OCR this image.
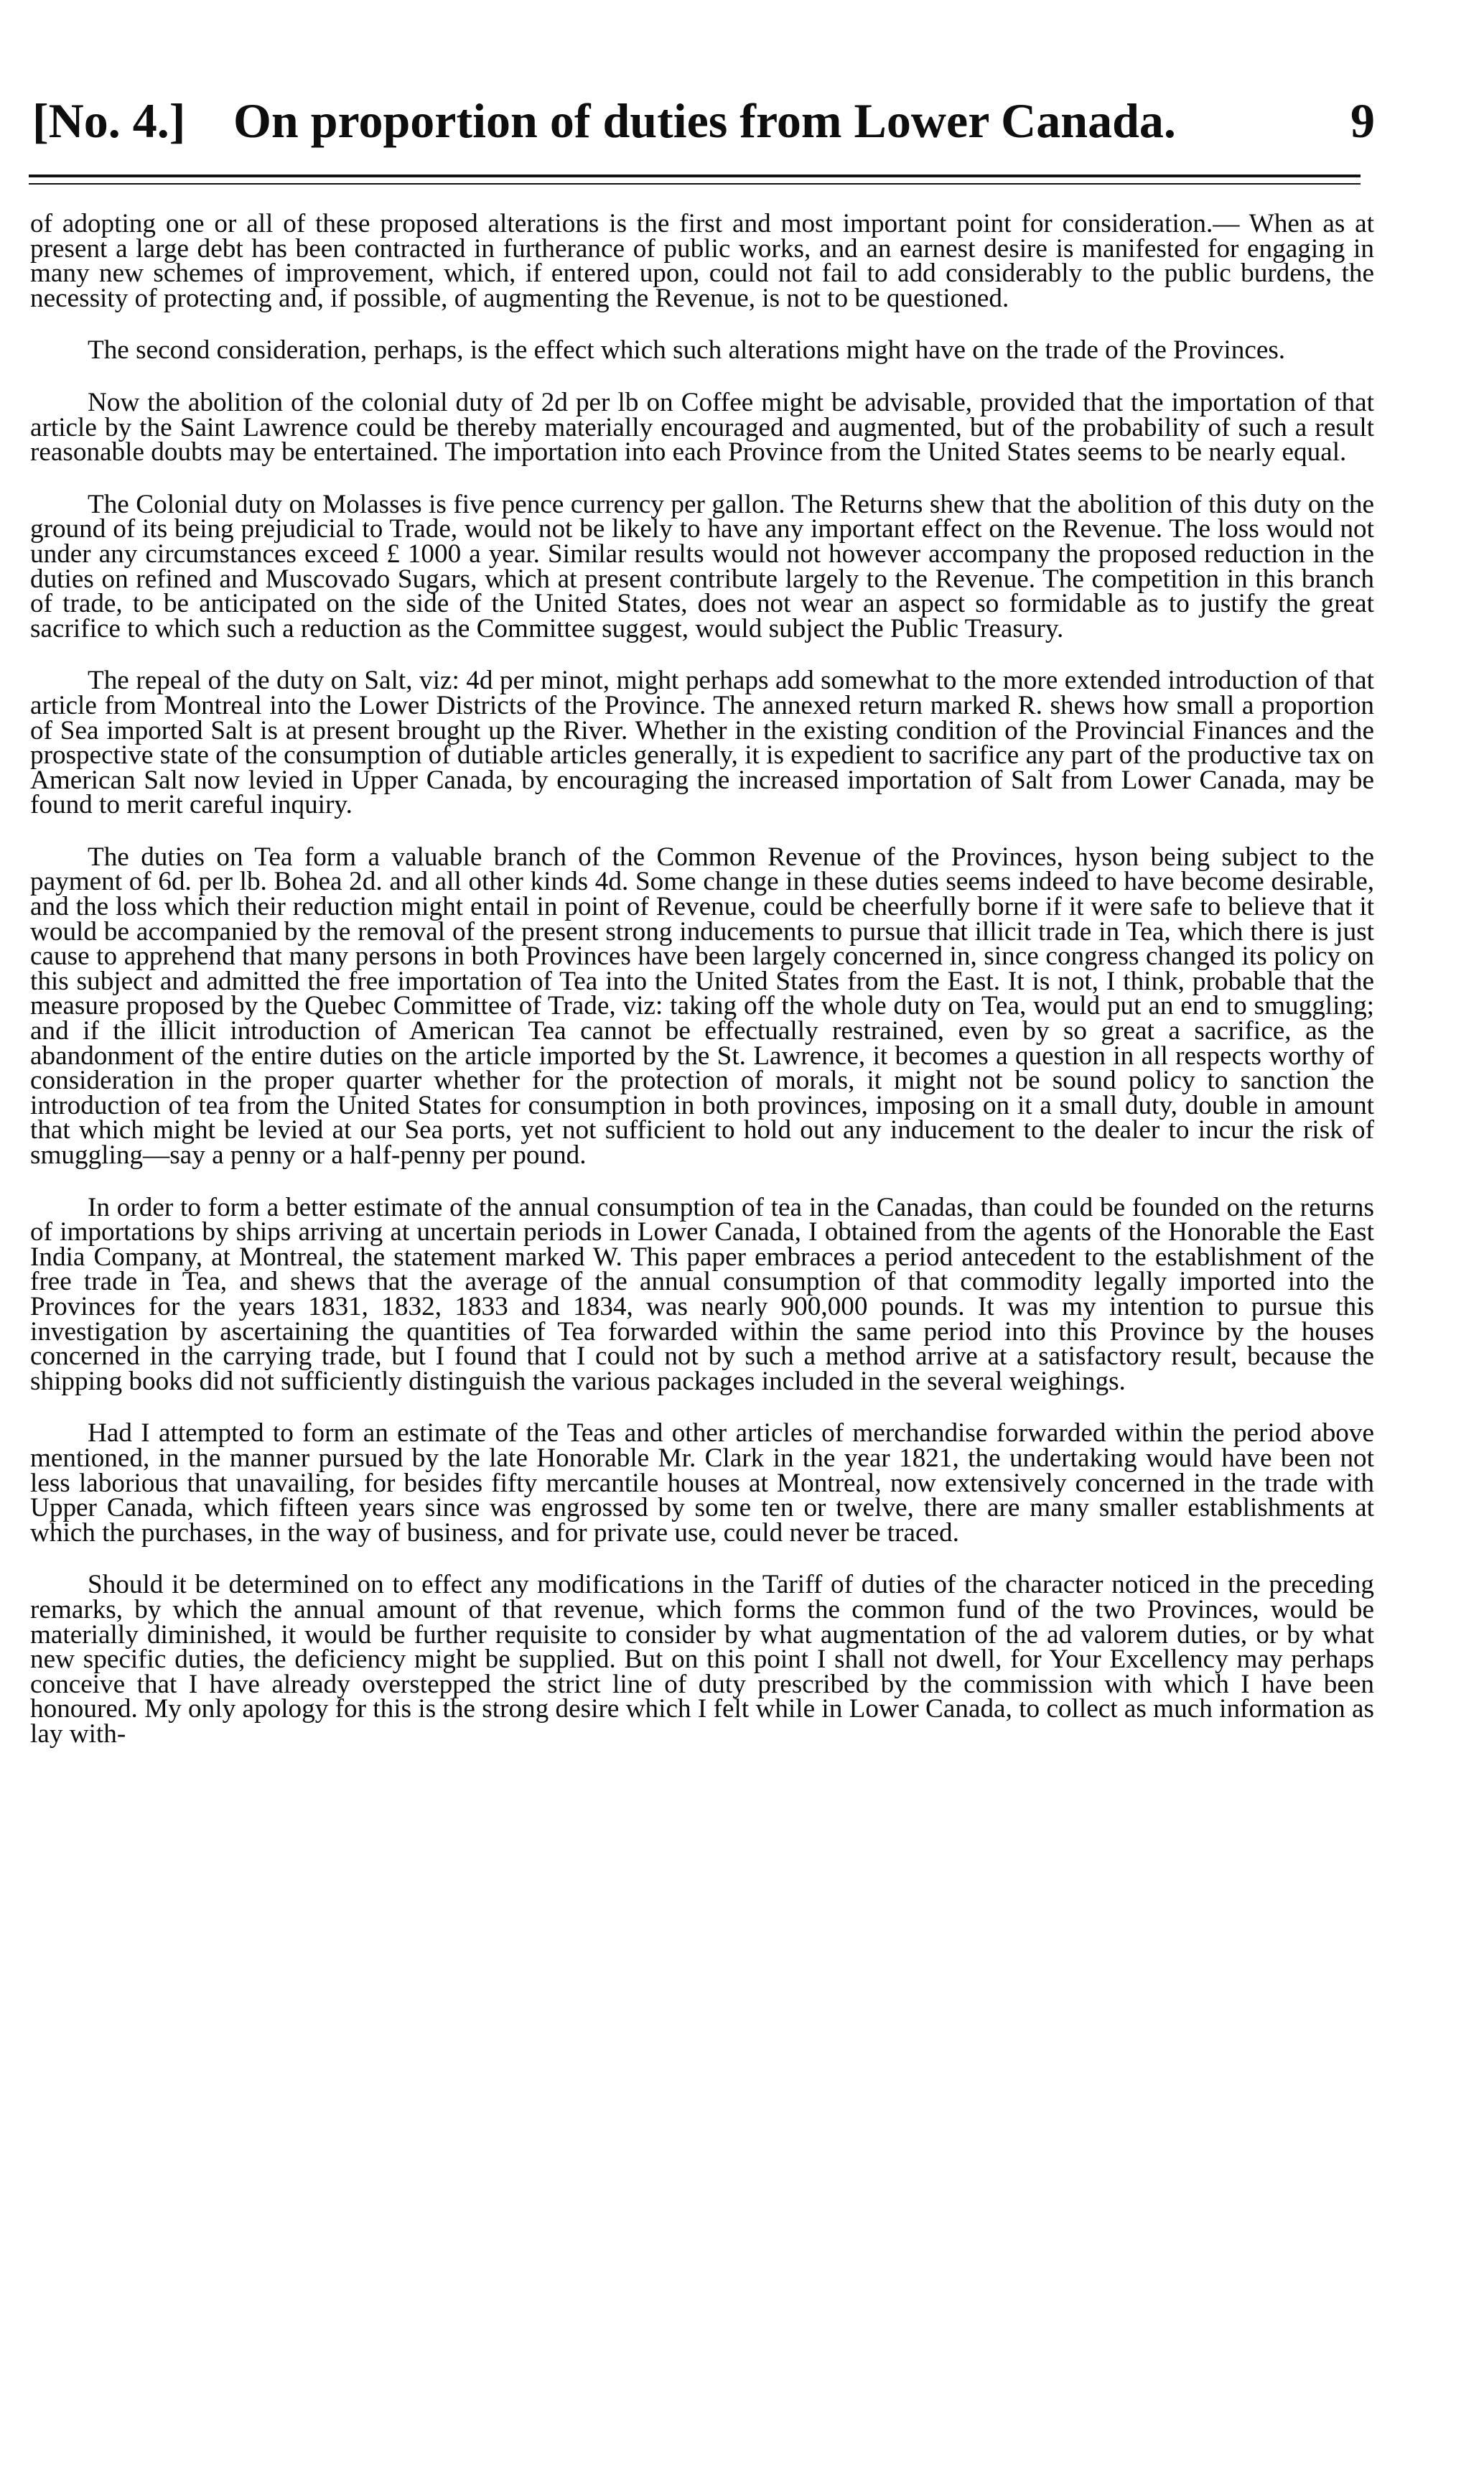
[No. 4.] On proportion of duties from Lower Canada.	9

of adopting one or all of these proposed alterations is the first and most important point for consideration.— When as at present a large debt has been contracted in furtherance of public works, and an earnest desire is manifested for engaging in many new schemes of improvement, which, if entered upon, could not fail to add considerably to the public burdens, the necessity of protecting and, if possible, of augmenting the Revenue, is not to be questioned.

The second consideration, perhaps, is the effect which such alterations might have on the trade of the Provinces.

Now the abolition of the colonial duty of 2d per lb on Coffee might be advisable, provided that the importation of that article by the Saint Lawrence could be thereby materially encouraged and augmented, but of the probability of such a result reasonable doubts may be entertained. The importation into each Province from the United States seems to be nearly equal.

The Colonial duty on Molasses is five pence currency per gallon. The Returns shew that the abolition of this duty on the ground of its being prejudicial to Trade, would not be likely to have any important effect on the Revenue. The loss would not under any circumstances exceed £ 1000 a year. Similar results would not however accompany the proposed reduction in the duties on refined and Muscovado Sugars, which at present contribute largely to the Revenue. The competition in this branch of trade, to be anticipated on the side of the United States, does not wear an aspect so formidable as to justify the great sacrifice to which such a reduction as the Committee suggest, would subject the Public Treasury.

The repeal of the duty on Salt, viz: 4d per minot, might perhaps add somewhat to the more extended introduction of that article from Montreal into the Lower Districts of the Province. The annexed return marked R. shews how small a proportion of Sea imported Salt is at present brought up the River. Whether in the existing condition of the Provincial Finances and the prospective state of the consumption of dutiable articles generally, it is expedient to sacrifice any part of the productive tax on American Salt now levied in Upper Canada, by encouraging the increased importation of Salt from Lower Canada, may be found to merit careful inquiry.

The duties on Tea form a valuable branch of the Common Revenue of the Provinces, hyson being subject to the payment of 6d. per lb. Bohea 2d. and all other kinds 4d. Some change in these duties seems indeed to have become desirable, and the loss which their reduction might entail in point of Revenue, could be cheerfully borne if it were safe to believe that it would be accompanied by the removal of the present strong inducements to pursue that illicit trade in Tea, which there is just cause to apprehend that many persons in both Provinces have been largely concerned in, since congress changed its policy on this subject and admitted the free importation of Tea into the United States from the East. It is not, I think, probable that the measure proposed by the Quebec Committee of Trade, viz: taking off the whole duty on Tea, would put an end to smuggling; and if the illicit introduction of American Tea cannot be effectually restrained, even by so great a sacrifice, as the abandonment of the entire duties on the article imported by the St. Lawrence, it becomes a question in all respects worthy of consideration in the proper quarter whether for the protection of morals, it might not be sound policy to sanction the introduction of tea from the United States for consumption in both provinces, imposing on it a small duty, double in amount that which might be levied at our Sea ports, yet not sufficient to hold out any inducement to the dealer to incur the risk of smuggling—say a penny or a half-penny per pound.

In order to form a better estimate of the annual consumption of tea in the Canadas, than could be founded on the returns of importations by ships arriving at uncertain periods in Lower Canada, I obtained from the agents of the Honorable the East India Company, at Montreal, the statement marked W. This paper embraces a period antecedent to the establishment of the free trade in Tea, and shews that the average of the annual consumption of that commodity legally imported into the Provinces for the years 1831, 1832, 1833 and 1834, was nearly 900,000 pounds. It was my intention to pursue this investigation by ascertaining the quantities of Tea forwarded within the same period into this Province by the houses concerned in the carrying trade, but I found that I could not by such a method arrive at a satisfactory result, because the shipping books did not sufficiently distinguish the various packages included in the several weighings.

Had I attempted to form an estimate of the Teas and other articles of merchandise forwarded within the period above mentioned, in the manner pursued by the late Honorable Mr. Clark in the year 1821, the undertaking would have been not less laborious that unavailing, for besides fifty mercantile houses at Montreal, now extensively concerned in the trade with Upper Canada, which fifteen years since was engrossed by some ten or twelve, there are many smaller establishments at which the purchases, in the way of business, and for private use, could never be traced.

Should it be determined on to effect any modifications in the Tariff of duties of the character noticed in the preceding remarks, by which the annual amount of that revenue, which forms the common fund of the two Provinces, would be materially diminished, it would be further requisite to consider by what augmentation of the ad valorem duties, or by what new specific duties, the deficiency might be supplied. But on this point I shall not dwell, for Your Excellency may perhaps conceive that I have already overstepped the strict line of duty prescribed by the commission with which I have been honoured. My only apology for this is the strong desire which I felt while in Lower Canada, to collect as much information as lay with-
